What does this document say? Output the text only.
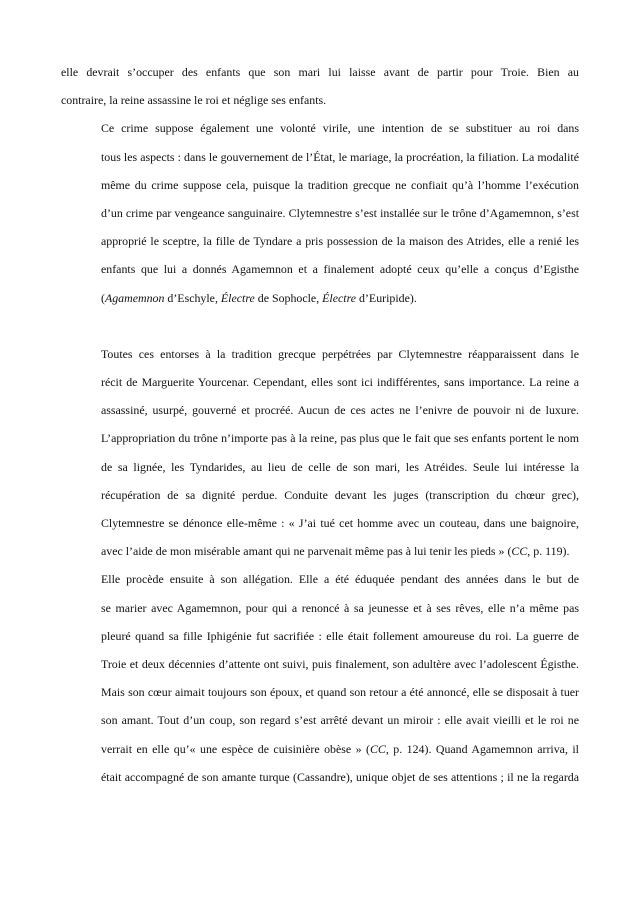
elle devrait s’occuper des enfants que son mari lui laisse avant de partir pour Troie. Bien au
contraire, la reine assassine le roi et néglige ses enfants.

Ce crime suppose également une volonté virile, une intention de se substituer au roi dans
tous les aspects : dans le gouvernement de l’État, le mariage, la procréation, la filiation. La modalité
même du crime suppose cela, puisque la tradition grecque ne confiait qu’à l’homme l’exécution
d’un crime par vengeance sanguinaire. Clytemnestre s’est installée sur le trône d’Agamemnon, s’est
approprié le sceptre, la fille de Tyndare a pris possession de la maison des Atrides, elle a renié les
enfants que lui a donnés Agamemnon et a finalement adopté ceux qu’elle a conçus d’Egisthe
(Agamemnon d’Eschyle, Électre de Sophocle, Électre d’Euripide).

Toutes ces entorses à la tradition grecque perpétrées par Clytemnestre réapparaissent dans le
récit de Marguerite Yourcenar. Cependant, elles sont ici indifférentes, sans importance. La reine a
assassiné, usurpé, gouverné et procréé. Aucun de ces actes ne l’enivre de pouvoir ni de luxure.
L’appropriation du trône n’importe pas à la reine, pas plus que le fait que ses enfants portent le nom
de sa lignée, les Tyndarides, au lieu de celle de son mari, les Atréides. Seule lui intéresse la
récupération de sa dignité perdue. Conduite devant les juges (transcription du chœur grec),
Clytemnestre se dénonce elle-même : « J’ai tué cet homme avec un couteau, dans une baignoire,
avec l’aide de mon misérable amant qui ne parvenait même pas à lui tenir les pieds » (CC, p. 119).

Elle procède ensuite à son allégation. Elle a été éduquée pendant des années dans le but de
se marier avec Agamemnon, pour qui a renoncé à sa jeunesse et à ses rêves, elle n’a même pas
pleuré quand sa fille Iphigénie fut sacrifiée : elle était follement amoureuse du roi. La guerre de
Troie et deux décennies d’attente ont suivi, puis finalement, son adultère avec l’adolescent Égisthe.
Mais son cœur aimait toujours son époux, et quand son retour a été annoncé, elle se disposait à tuer
son amant. Tout d’un coup, son regard s’est arrêté devant un miroir : elle avait vieilli et le roi ne
verrait en elle qu’« une espèce de cuisinière obèse » (CC, p. 124). Quand Agamemnon arriva, il
était accompagné de son amante turque (Cassandre), unique objet de ses attentions ; il ne la regarda
